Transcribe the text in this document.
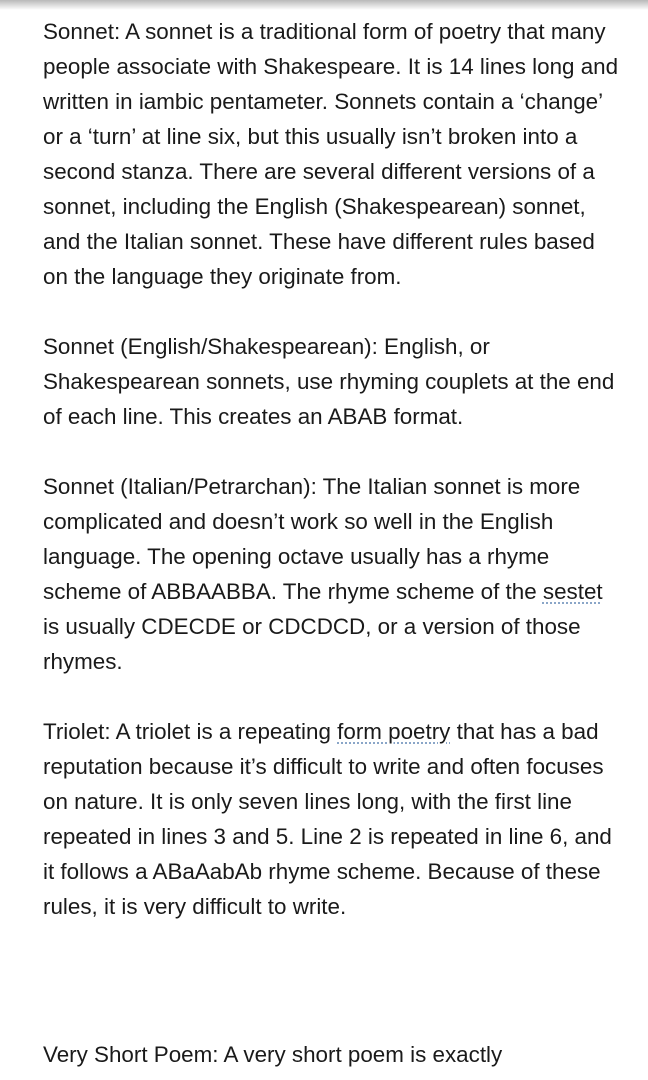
Sonnet: A sonnet is a traditional form of poetry that many people associate with Shakespeare. It is 14 lines long and written in iambic pentameter. Sonnets contain a ‘change’ or a ‘turn’ at line six, but this usually isn’t broken into a second stanza. There are several different versions of a sonnet, including the English (Shakespearean) sonnet, and the Italian sonnet. These have different rules based on the language they originate from.

Sonnet (English/Shakespearean): English, or Shakespearean sonnets, use rhyming couplets at the end of each line. This creates an ABAB format.

Sonnet (Italian/Petrarchan): The Italian sonnet is more complicated and doesn’t work so well in the English language. The opening octave usually has a rhyme scheme of ABBAABBA. The rhyme scheme of the sestet is usually CDECDE or CDCDCD, or a version of those rhymes.

Triolet: A triolet is a repeating form poetry that has a bad reputation because it’s difficult to write and often focuses on nature. It is only seven lines long, with the first line repeated in lines 3 and 5. Line 2 is repeated in line 6, and it follows a ABaAabAb rhyme scheme. Because of these rules, it is very difficult to write.

Very Short Poem: A very short poem is exactly
